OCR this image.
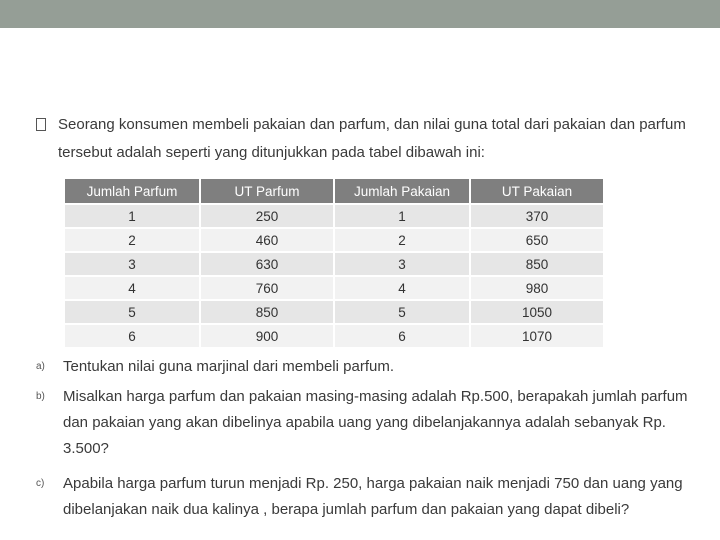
Seorang konsumen membeli pakaian dan parfum, dan nilai guna total dari pakaian dan parfum
tersebut adalah seperti yang ditunjukkan pada tabel dibawah ini:
Jumlah Parfum	UT Parfum	Jumlah Pakaian	UT Pakaian
1	250	1	370
2	460	2	650
3	630	3	850
4	760	4	980
5	850	5	1050
6	900	6	1070
a) Tentukan nilai guna marjinal dari membeli parfum.
b) Misalkan harga parfum dan pakaian masing-masing adalah Rp.500, berapakah jumlah parfum
dan pakaian yang akan dibelinya apabila uang yang dibelanjakannya adalah sebanyak Rp.
3.500?
c) Apabila harga parfum turun menjadi Rp. 250, harga pakaian naik menjadi 750 dan uang yang
dibelanjakan naik dua kalinya , berapa jumlah parfum dan pakaian yang dapat dibeli?
